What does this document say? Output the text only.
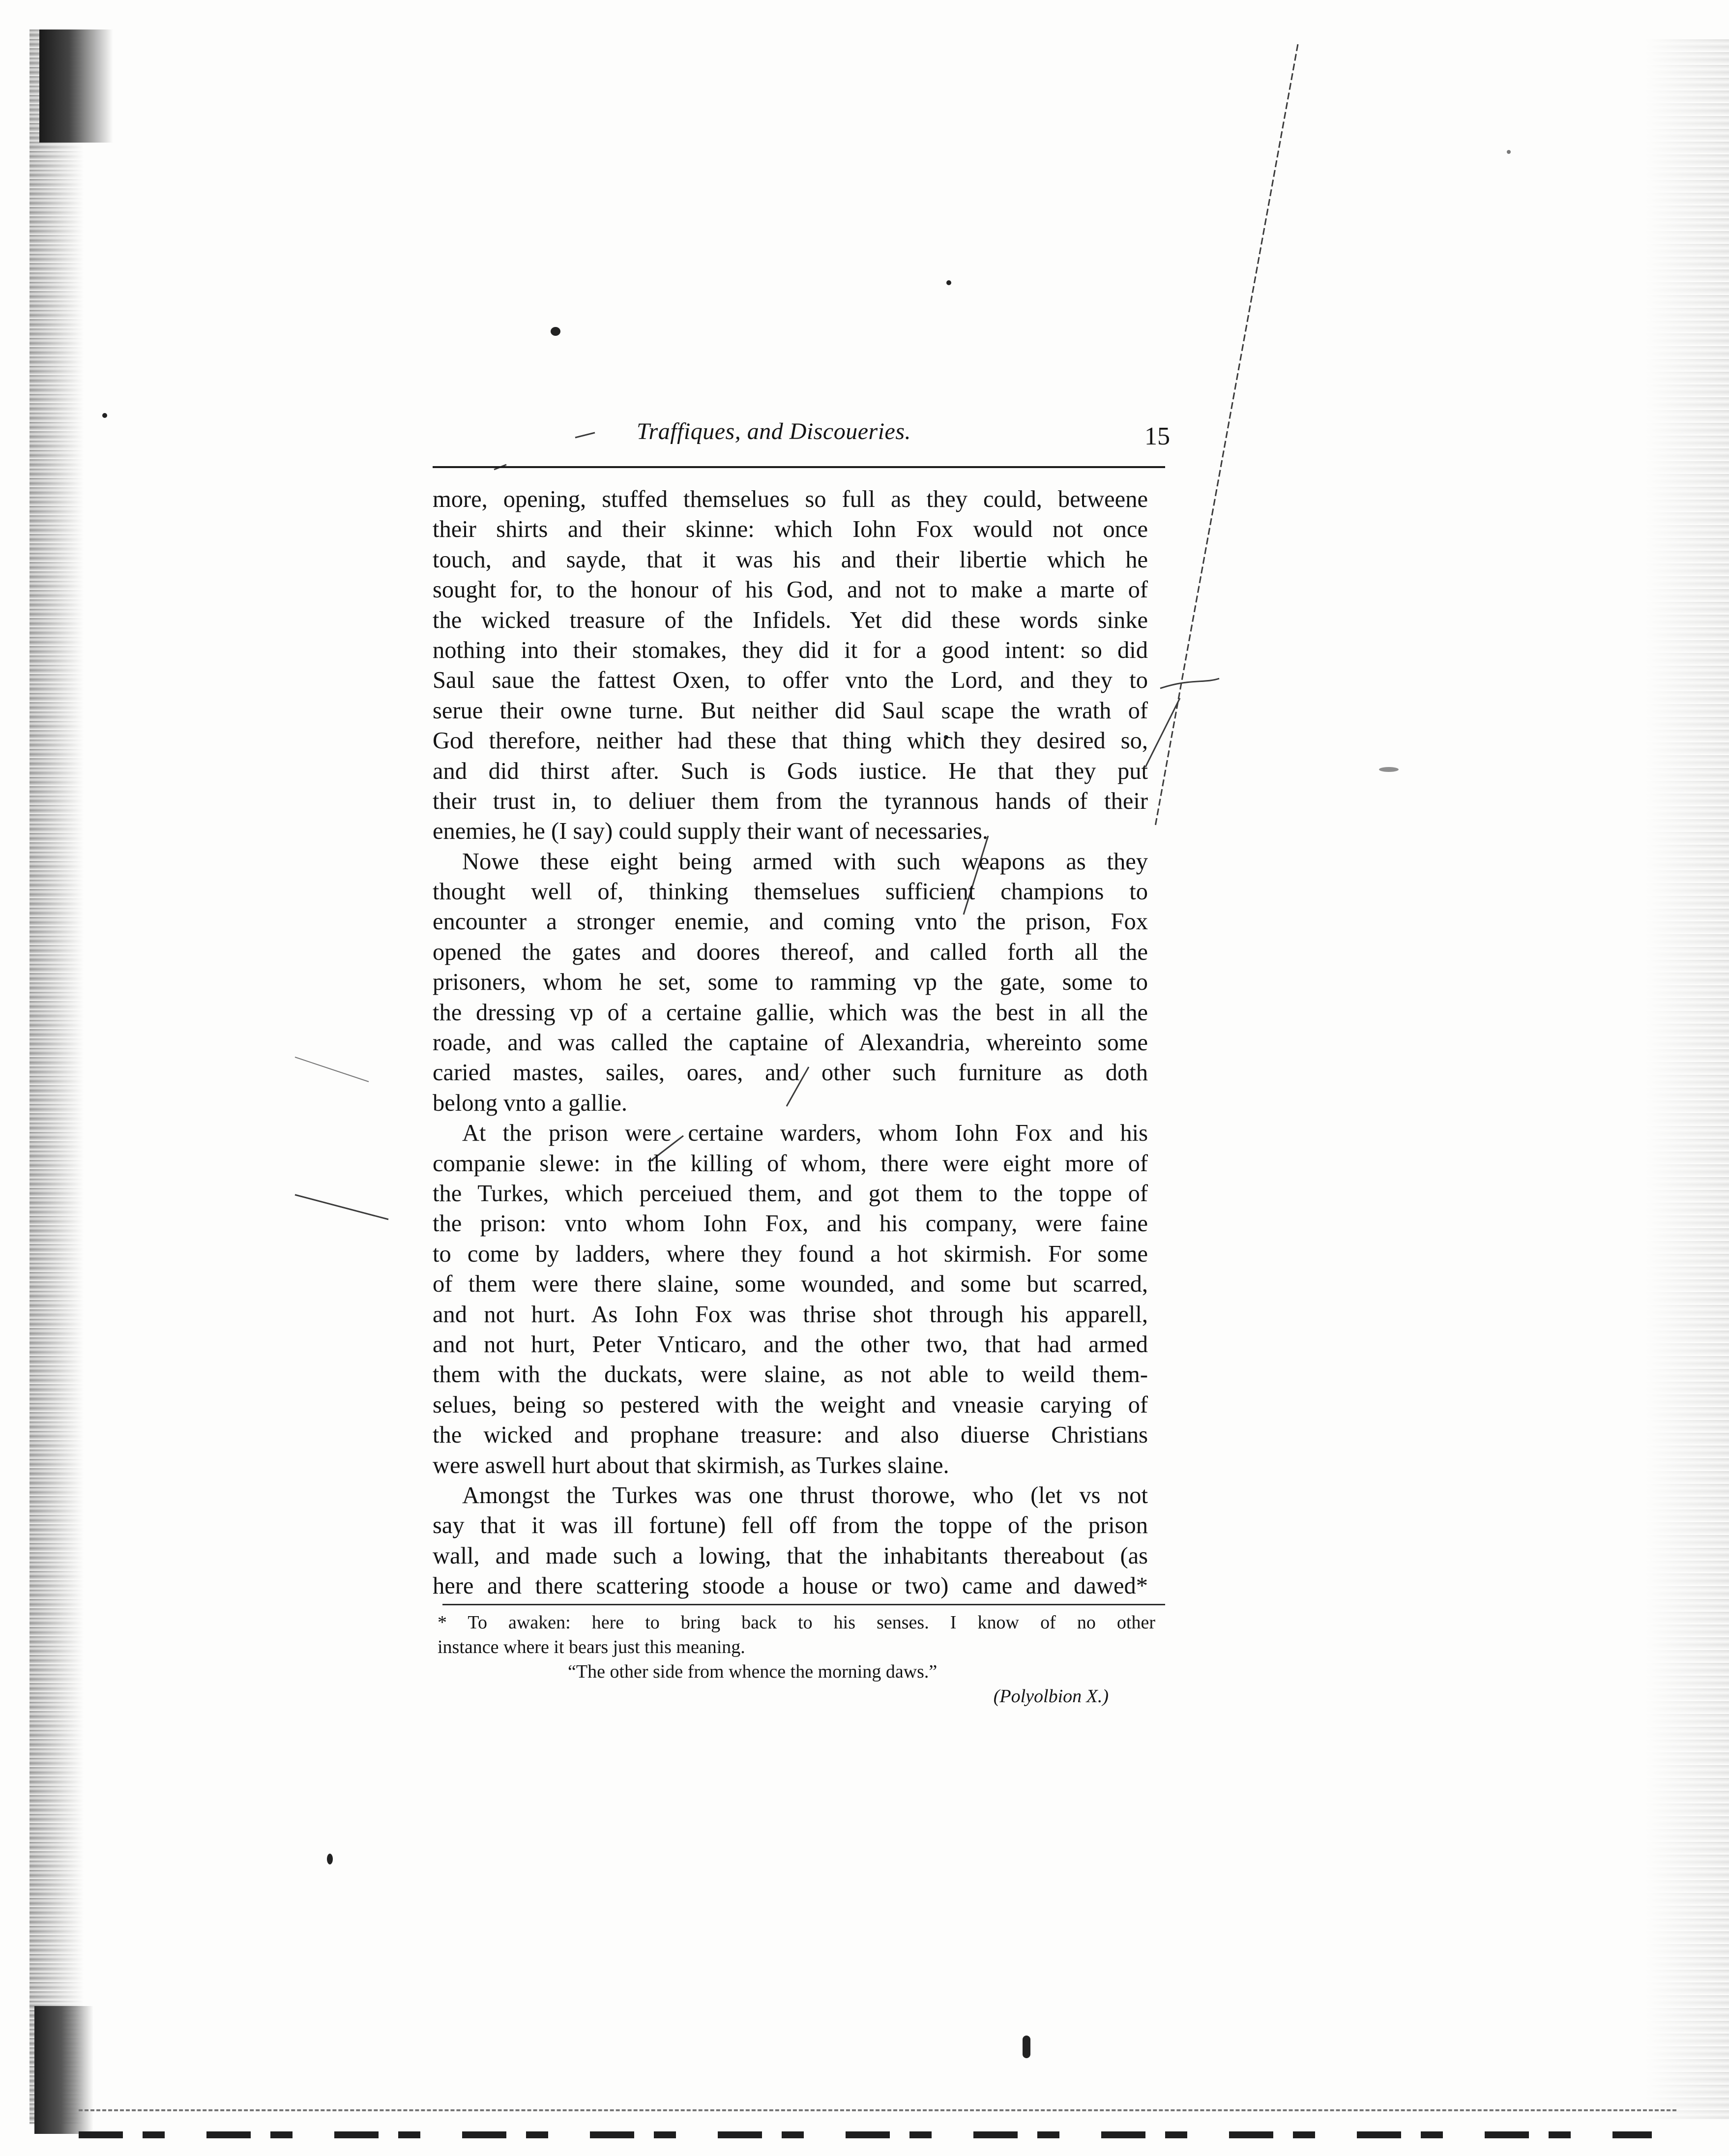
Traffiques, and Discoueries.	15
more, opening, stuffed themselues so full as they could, betweene
their shirts and their skinne: which Iohn Fox would not once
touch, and sayde, that it was his and their libertie which he
sought for, to the honour of his God, and not to make a marte of
the wicked treasure of the Infidels. Yet did these words sinke
nothing into their stomakes, they did it for a good intent: so did
Saul saue the fattest Oxen, to offer vnto the Lord, and they to
serue their owne turne. But neither did Saul scape the wrath of
God therefore, neither had these that thing which they desired so,
and did thirst after. Such is Gods iustice. He that they put
their trust in, to deliuer them from the tyrannous hands of their
enemies, he (I say) could supply their want of necessaries.
Nowe these eight being armed with such weapons as they
thought well of, thinking themselues sufficient champions to
encounter a stronger enemie, and coming vnto the prison, Fox
opened the gates and doores thereof, and called forth all the
prisoners, whom he set, some to ramming vp the gate, some to
the dressing vp of a certaine gallie, which was the best in all the
roade, and was called the captaine of Alexandria, whereinto some
caried mastes, sailes, oares, and other such furniture as doth
belong vnto a gallie.
At the prison were certaine warders, whom Iohn Fox and his
companie slewe: in the killing of whom, there were eight more of
the Turkes, which perceiued them, and got them to the toppe of
the prison: vnto whom Iohn Fox, and his company, were faine
to come by ladders, where they found a hot skirmish. For some
of them were there slaine, some wounded, and some but scarred,
and not hurt. As Iohn Fox was thrise shot through his apparell,
and not hurt, Peter Vnticaro, and the other two, that had armed
them with the duckats, were slaine, as not able to weild them-
selues, being so pestered with the weight and vneasie carying of
the wicked and prophane treasure: and also diuerse Christians
were aswell hurt about that skirmish, as Turkes slaine.
Amongst the Turkes was one thrust thorowe, who (let vs not
say that it was ill fortune) fell off from the toppe of the prison
wall, and made such a lowing, that the inhabitants thereabout (as
here and there scattering stoode a house or two) came and dawed*
* To awaken: here to bring back to his senses. I know of no other
instance where it bears just this meaning.
“The other side from whence the morning daws.”
(Polyolbion X.)
